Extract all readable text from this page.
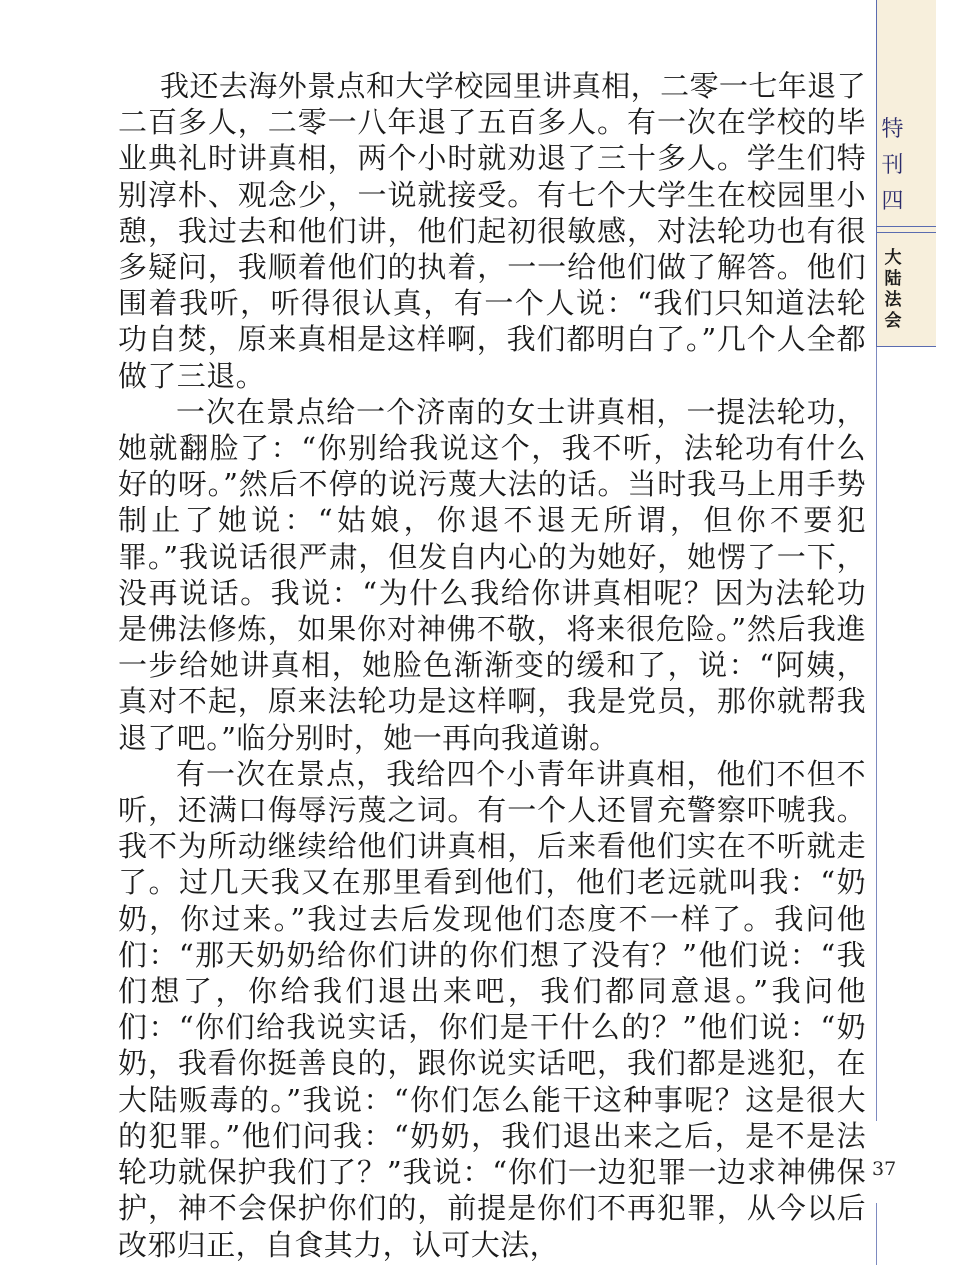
我还去海外景点和大学校园里讲真相，二零一七年退了二百多人，二零一八年退了五百多人。有一次在学校的毕业典礼时讲真相，两个小时就劝退了三十多人。学生们特别淳朴、观念少，一说就接受。有七个大学生在校园里小憩，我过去和他们讲，他们起初很敏感，对法轮功也有很多疑问，我顺着他们的执着，一一给他们做了解答。他们围着我听，听得很认真，有一个人说：“我们只知道法轮功自焚，原来真相是这样啊，我们都明白了。”几个人全都做了三退。

一次在景点给一个济南的女士讲真相，一提法轮功，她就翻脸了：“你别给我说这个，我不听，法轮功有什么好的呀。”然后不停的说污蔑大法的话。当时我马上用手势制止了她说：“姑娘，你退不退无所谓，但你不要犯罪。”我说话很严肃，但发自内心的为她好，她愣了一下，没再说话。我说：“为什么我给你讲真相呢？因为法轮功是佛法修炼，如果你对神佛不敬，将来很危险。”然后我進一步给她讲真相，她脸色渐渐变的缓和了，说：“阿姨，真对不起，原来法轮功是这样啊，我是党员，那你就帮我退了吧。”临分别时，她一再向我道谢。

有一次在景点，我给四个小青年讲真相，他们不但不听，还满口侮辱污蔑之词。有一个人还冒充警察吓唬我。我不为所动继续给他们讲真相，后来看他们实在不听就走了。过几天我又在那里看到他们，他们老远就叫我：“奶奶，你过来。”我过去后发现他们态度不一样了。我问他们：“那天奶奶给你们讲的你们想了没有？”他们说：“我们想了，你给我们退出来吧，我们都同意退。”我问他们：“你们给我说实话，你们是干什么的？”他们说：“奶奶，我看你挺善良的，跟你说实话吧，我们都是逃犯，在大陆贩毒的。”我说：“你们怎么能干这种事呢？这是很大的犯罪。”他们问我：“奶奶，我们退出来之后，是不是法轮功就保护我们了？”我说：“你们一边犯罪一边求神佛保护，神不会保护你们的，前提是你们不再犯罪，从今以后改邪归正，自食其力，认可大法，

特
刊
四
大
陆
法
会
37
